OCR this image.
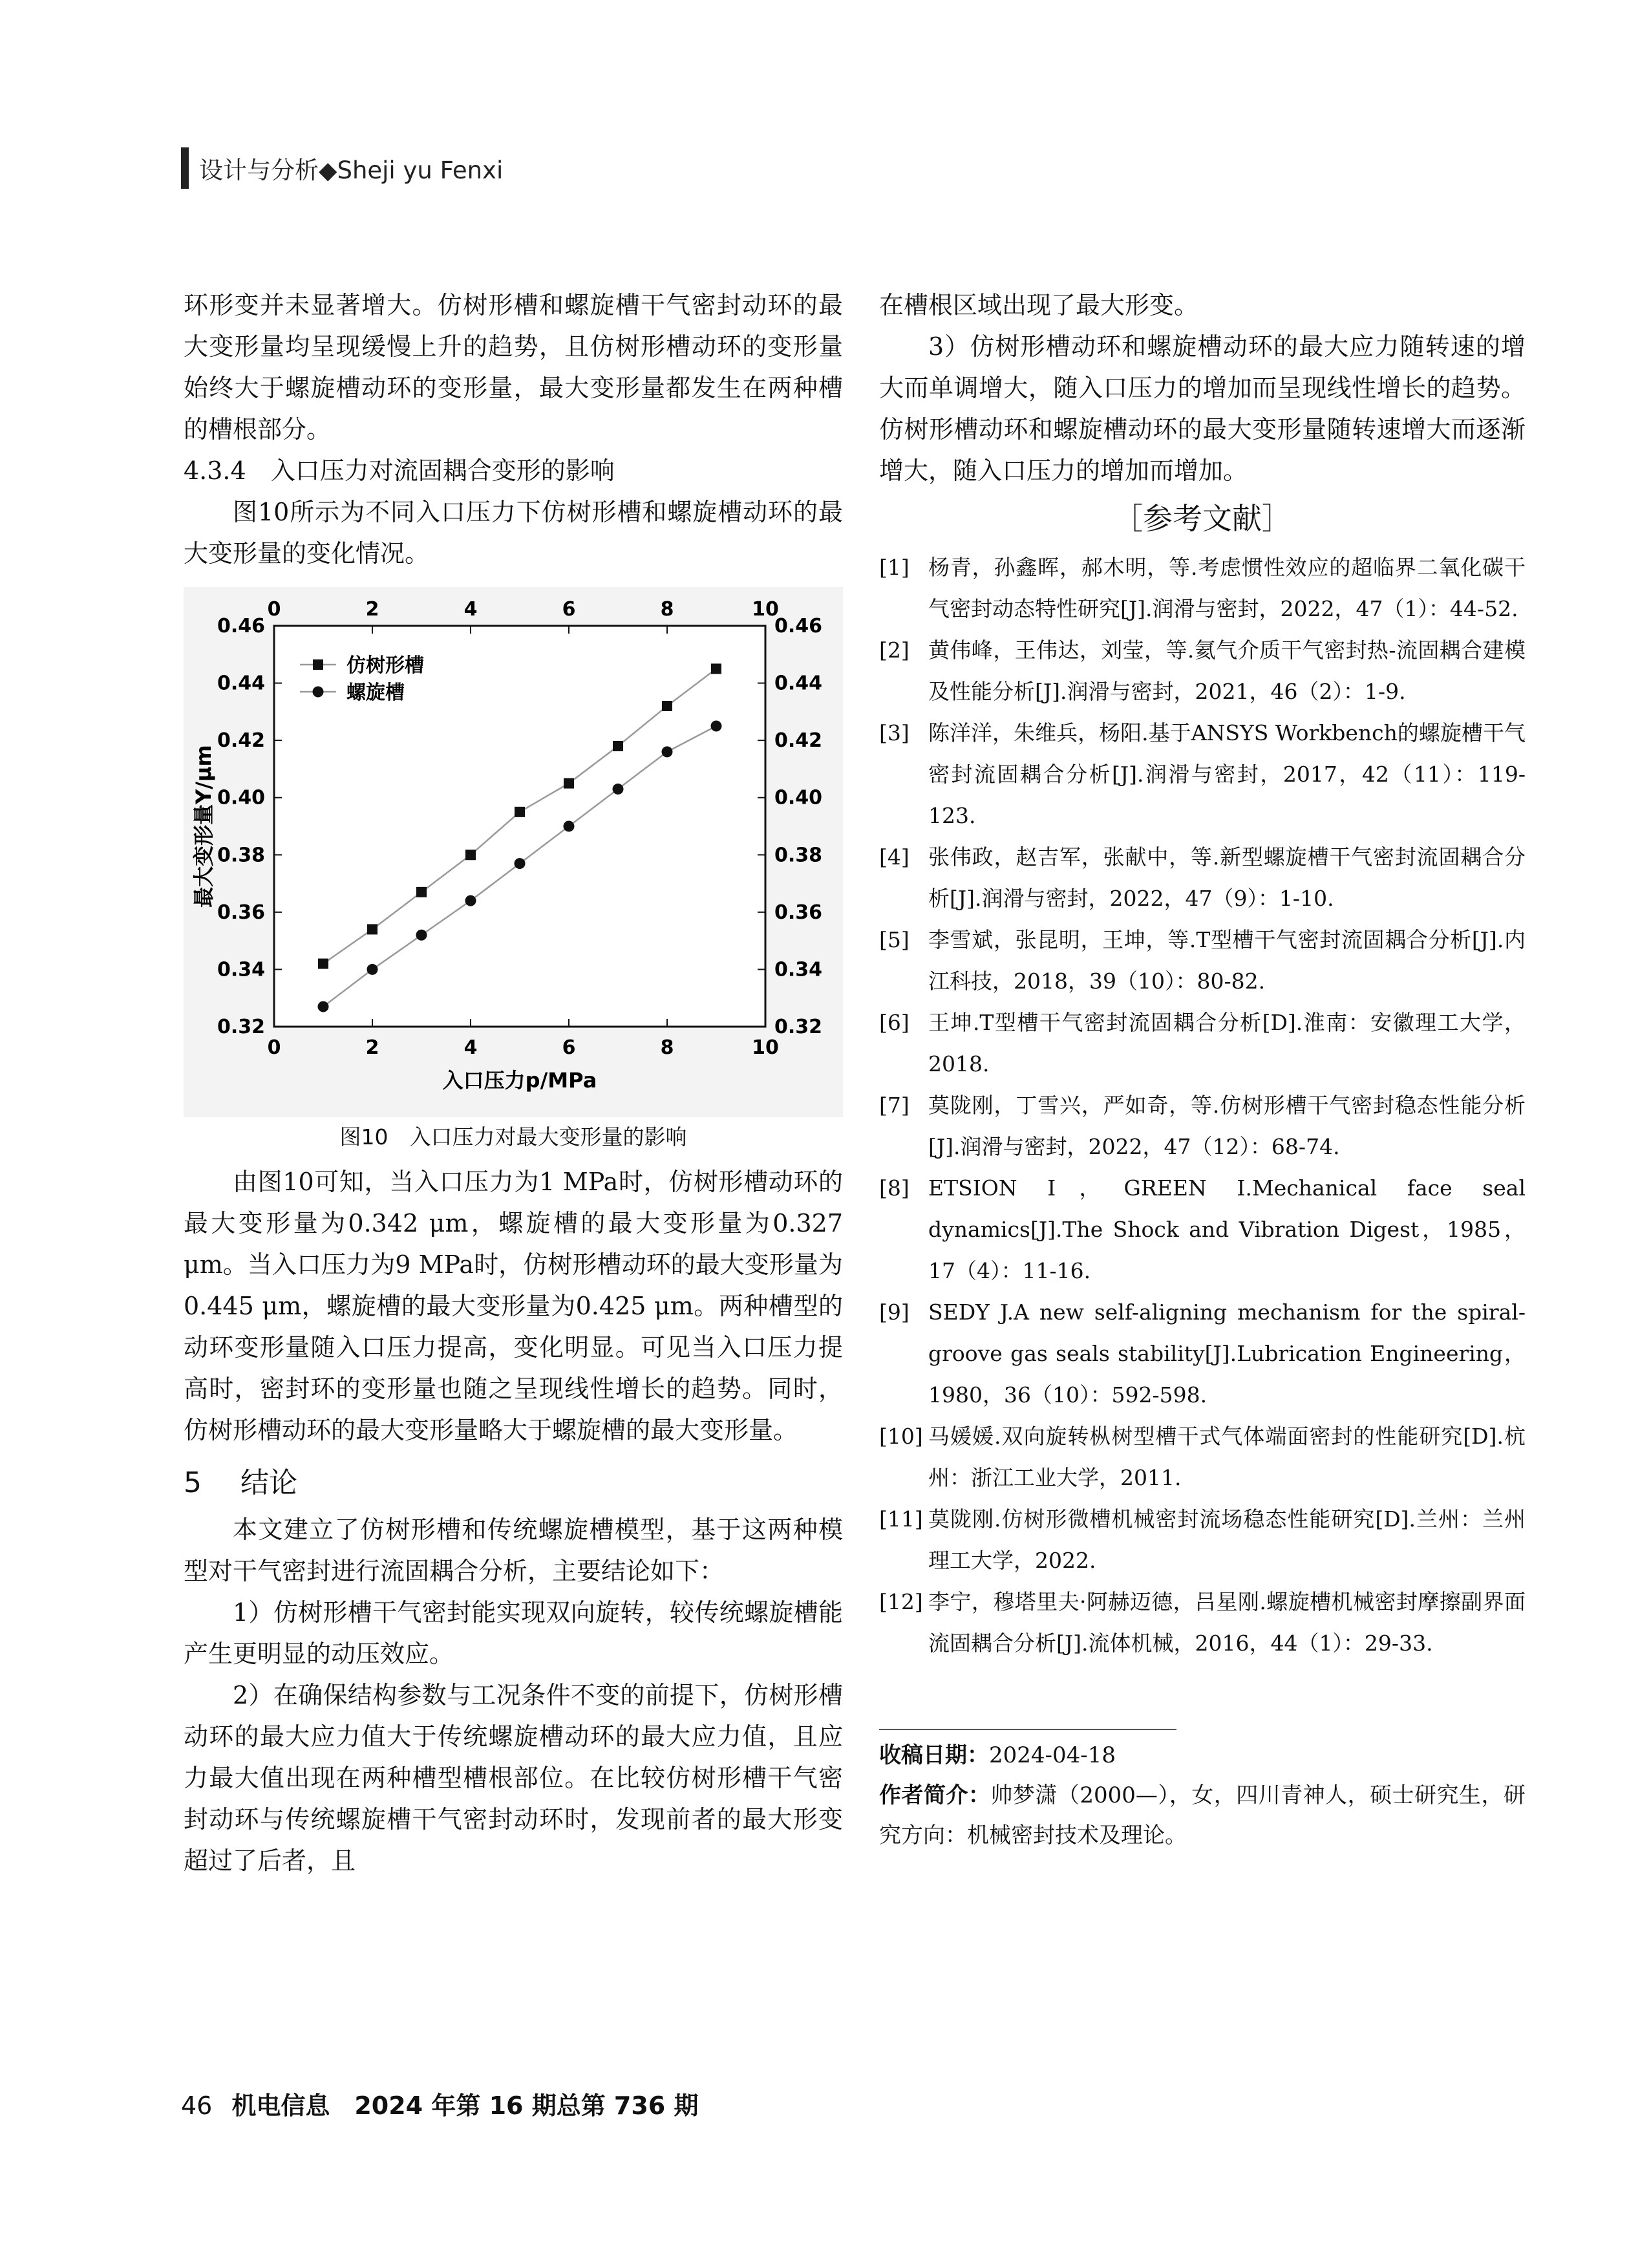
设计与分析◆Sheji yu Fenxi

环形变并未显著增大。仿树形槽和螺旋槽干气密封动环的最大变形量均呈现缓慢上升的趋势，且仿树形槽动环的变形量始终大于螺旋槽动环的变形量，最大变形量都发生在两种槽的槽根部分。

4.3.4　入口压力对流固耦合变形的影响

图10所示为不同入口压力下仿树形槽和螺旋槽动环的最大变形量的变化情况。

0
0
2
2
4
4
6
6
8
8
10
10
0.32	0.32
0.34	0.34
0.36	0.36
0.38	0.38
0.40	0.40
0.42	0.42
0.44	0.44
0.46	0.46
入口压力p/MPa
最大变形量Y/μm
仿树形槽
螺旋槽
图10　入口压力对最大变形量的影响

由图10可知，当入口压力为1 MPa时，仿树形槽动环的最大变形量为0.342 μm，螺旋槽的最大变形量为0.327 μm。当入口压力为9 MPa时，仿树形槽动环的最大变形量为0.445 μm，螺旋槽的最大变形量为0.425 μm。两种槽型的动环变形量随入口压力提高，变化明显。可见当入口压力提高时，密封环的变形量也随之呈现线性增长的趋势。同时，仿树形槽动环的最大变形量略大于螺旋槽的最大变形量。

5 结论

本文建立了仿树形槽和传统螺旋槽模型，基于这两种模型对干气密封进行流固耦合分析，主要结论如下：

1）仿树形槽干气密封能实现双向旋转，较传统螺旋槽能产生更明显的动压效应。

2）在确保结构参数与工况条件不变的前提下，仿树形槽动环的最大应力值大于传统螺旋槽动环的最大应力值，且应力最大值出现在两种槽型槽根部位。在比较仿树形槽干气密封动环与传统螺旋槽干气密封动环时，发现前者的最大形变超过了后者，且

在槽根区域出现了最大形变。

3）仿树形槽动环和螺旋槽动环的最大应力随转速的增大而单调增大，随入口压力的增加而呈现线性增长的趋势。仿树形槽动环和螺旋槽动环的最大变形量随转速增大而逐渐增大，随入口压力的增加而增加。

［参考文献］
[1] 杨青，孙鑫晖，郝木明，等.考虑惯性效应的超临界二氧化碳干气密封动态特性研究[J].润滑与密封，2022，47（1）：44-52.
[2] 黄伟峰，王伟达，刘莹，等.氦气介质干气密封热-流固耦合建模及性能分析[J].润滑与密封，2021，46（2）：1-9.
[3] 陈洋洋，朱维兵，杨阳.基于ANSYS Workbench的螺旋槽干气密封流固耦合分析[J].润滑与密封，2017，42（11）：119-123.
[4] 张伟政，赵吉军，张献中，等.新型螺旋槽干气密封流固耦合分析[J].润滑与密封，2022，47（9）：1-10.
[5] 李雪斌，张昆明，王坤，等.T型槽干气密封流固耦合分析[J].内江科技，2018，39（10）：80-82.
[6] 王坤.T型槽干气密封流固耦合分析[D].淮南：安徽理工大学，2018.
[7] 莫陇刚，丁雪兴，严如奇，等.仿树形槽干气密封稳态性能分析[J].润滑与密封，2022，47（12）：68-74.
[8] ETSION I，GREEN I.Mechanical face seal dynamics[J].The Shock and Vibration Digest，1985，17（4）：11-16.
[9] SEDY J.A new self-aligning mechanism for the spiral-groove gas seals stability[J].Lubrication Engineering，1980，36（10）：592-598.
[10] 马媛媛.双向旋转枞树型槽干式气体端面密封的性能研究[D].杭州：浙江工业大学，2011.
[11] 莫陇刚.仿树形微槽机械密封流场稳态性能研究[D].兰州：兰州理工大学，2022.
[12] 李宁，穆塔里夫·阿赫迈德，吕星刚.螺旋槽机械密封摩擦副界面流固耦合分析[J].流体机械，2016，44（1）：29-33.
收稿日期：2024-04-18
作者简介：帅梦潇（2000—），女，四川青神人，硕士研究生，研究方向：机械密封技术及理论。
46 机电信息　2024 年第 16 期总第 736 期
